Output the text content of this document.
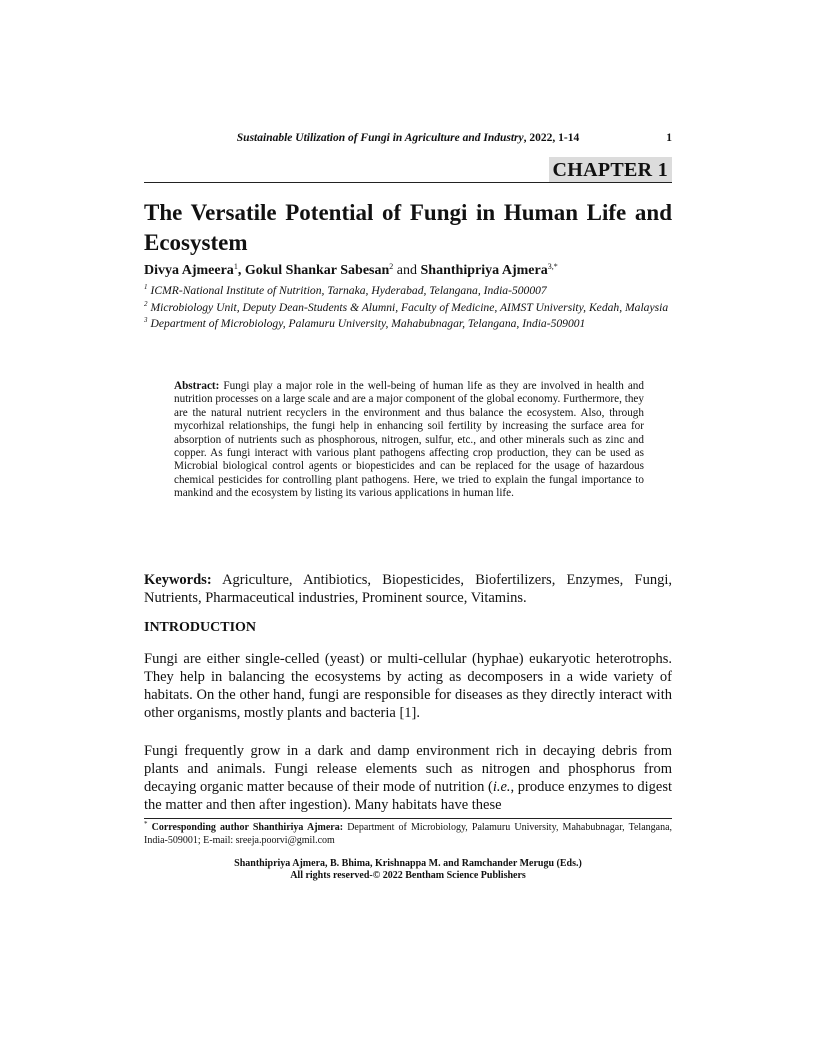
Sustainable Utilization of Fungi in Agriculture and Industry, 2022, 1-14	1
CHAPTER 1
The Versatile Potential of Fungi in Human Life and Ecosystem
Divya Ajmeera$^1$, Gokul Shankar Sabesan$^2$ and Shanthipriya Ajmera$^{3,*}$

$^1$ ICMR-National Institute of Nutrition, Tarnaka, Hyderabad, Telangana, India-500007

$^2$ Microbiology Unit, Deputy Dean-Students & Alumni, Faculty of Medicine, AIMST University, Kedah, Malaysia

$^3$ Department of Microbiology, Palamuru University, Mahabubnagar, Telangana, India-509001

Abstract: Fungi play a major role in the well-being of human life as they are involved in health and nutrition processes on a large scale and are a major component of the global economy. Furthermore, they are the natural nutrient recyclers in the environment and thus balance the ecosystem. Also, through mycorhizal relationships, the fungi help in enhancing soil fertility by increasing the surface area for absorption of nutrients such as phosphorous, nitrogen, sulfur, etc., and other minerals such as zinc and copper. As fungi interact with various plant pathogens affecting crop production, they can be used as Microbial biological control agents or biopesticides and can be replaced for the usage of hazardous chemical pesticides for controlling plant pathogens. Here, we tried to explain the fungal importance to mankind and the ecosystem by listing its various applications in human life.
Keywords: Agriculture, Antibiotics, Biopesticides, Biofertilizers, Enzymes, Fungi, Nutrients, Pharmaceutical industries, Prominent source, Vitamins.
INTRODUCTION

Fungi are either single-celled (yeast) or multi-cellular (hyphae) eukaryotic heterotrophs. They help in balancing the ecosystems by acting as decomposers in a wide variety of habitats. On the other hand, fungi are responsible for diseases as they directly interact with other organisms, mostly plants and bacteria [1].

Fungi frequently grow in a dark and damp environment rich in decaying debris from plants and animals. Fungi release elements such as nitrogen and phosphorus from decaying organic matter because of their mode of nutrition (i.e., produce enzymes to digest the matter and then after ingestion). Many habitats have these

* Corresponding author Shanthiriya Ajmera: Department of Microbiology, Palamuru University, Mahabubnagar, Telangana, India-509001; E-mail: sreeja.poorvi@gmil.com
Shanthipriya Ajmera, B. Bhima, Krishnappa M. and Ramchander Merugu (Eds.)
All rights reserved-© 2022 Bentham Science Publishers
